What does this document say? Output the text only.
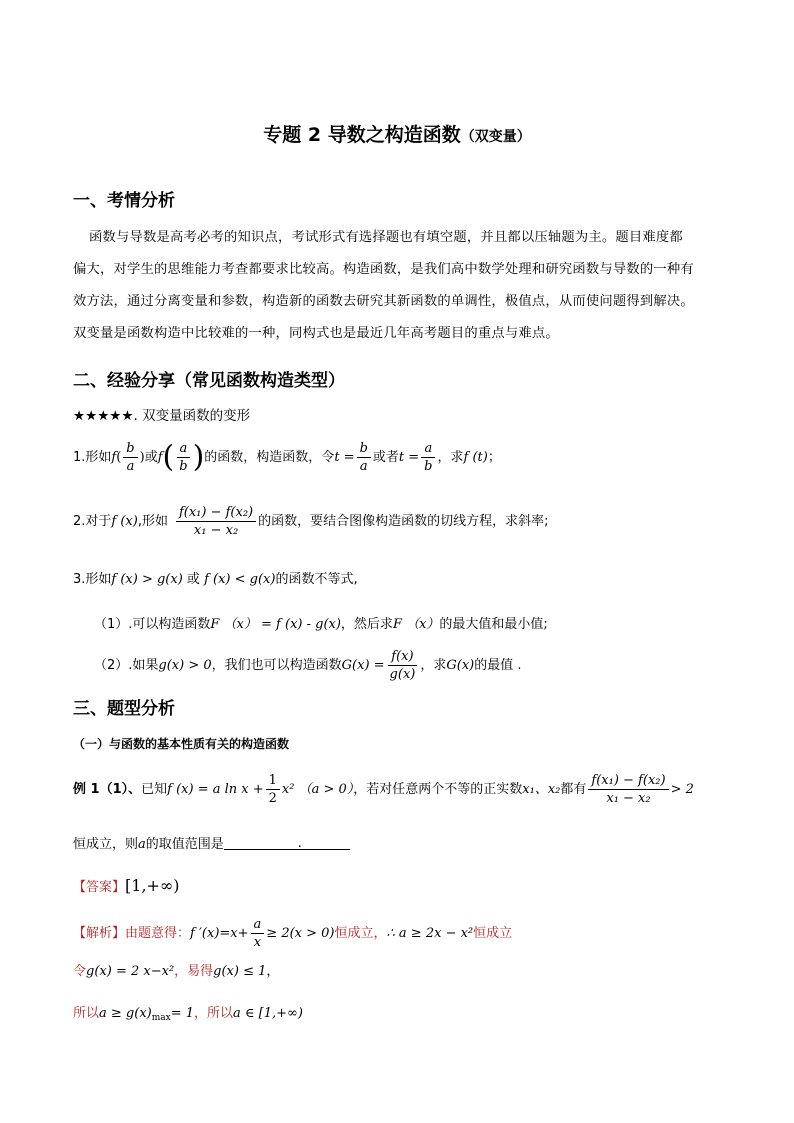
专题 2 导数之构造函数（双变量）
一、考情分析
函数与导数是高考必考的知识点，考试形式有选择题也有填空题，并且都以压轴题为主。题目难度都
偏大，对学生的思维能力考查都要求比较高。构造函数，是我们高中数学处理和研究函数与导数的一种有
效方法，通过分离变量和参数，构造新的函数去研究其新函数的单调性，极值点，从而使问题得到解决。
双变量是函数构造中比较难的一种，同构式也是最近几年高考题目的重点与难点。
二、经验分享（常见函数构造类型）
★★★★★. 双变量函数的变形
1.形如$f( \frac{b}{a}$ )或$f( \frac{a}{b}$ )的函数，构造函数，令$t = \frac{b}{a}$ 或者$t = \frac{a}{b}$ ，求f (t)；
2.对于f (x),形如 $\frac{\text{f(x₁) − f(x₂)}}{\text{x₁ − x₂}}$ 的函数，要结合图像构造函数的切线方程，求斜率;
3.形如f (x) > g(x) 或 f (x) < g(x)的函数不等式,
（1）.可以构造函数F （x） = f (x) - g(x)，然后求F （x）的最大值和最小值;
（2）.如果g(x) > 0，我们也可以构造函数$G(x) = \frac{f(x)}{g(x)}$ ，求G(x)的最值 .
三、题型分析
（一）与函数的基本性质有关的构造函数
例 1（1）、已知f (x) = a $\ln x + \frac{1}{2} x^2$ （a > 0），若对任意两个不等的正实数x₁、x₂都有 $\frac{\text{f(x₁) − f(x₂)}}{\text{x₁ − x₂}} > 2$
恒成立，则a的取值范围是	.
【答案】[1,+∞)
【解析】由题意得：f $'(x)=x+ \frac{a}{x} \ge 2(x > 0)$恒成立，∴ a ≥ 2x − x²恒成立
令g(x) = 2 x−x²，易得g(x) ≤ 1，
所以$a \ge g(x)_{max}= 1$，所以a ∈ [1,+∞)
